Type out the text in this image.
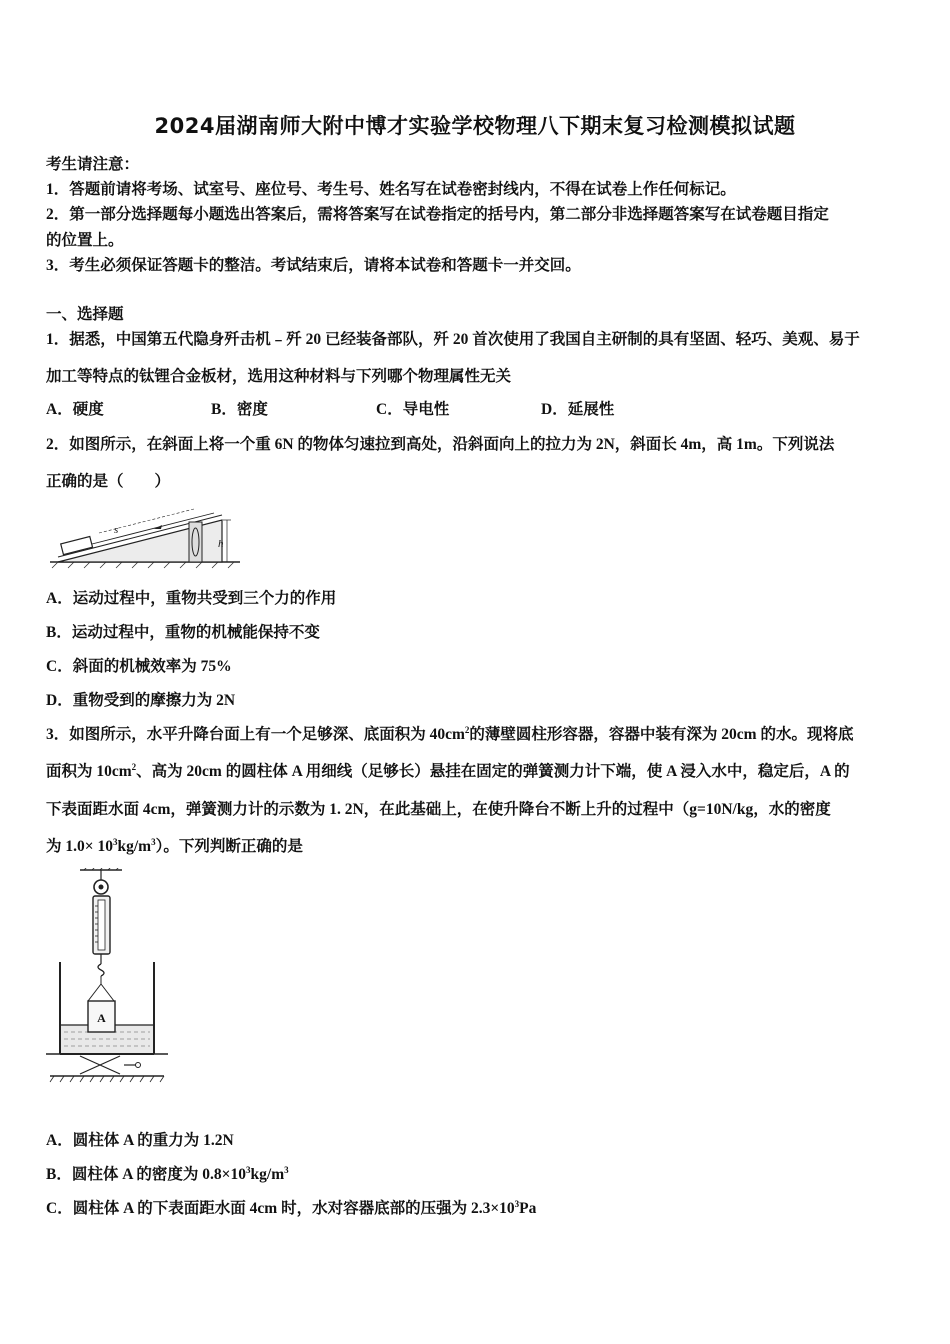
2024届湖南师大附中博才实验学校物理八下期末复习检测模拟试题
考生请注意：
1．答题前请将考场、试室号、座位号、考生号、姓名写在试卷密封线内，不得在试卷上作任何标记。
2．第一部分选择题每小题选出答案后，需将答案写在试卷指定的括号内，第二部分非选择题答案写在试卷题目指定
的位置上。
3．考生必须保证答题卡的整洁。考试结束后，请将本试卷和答题卡一并交回。
一、选择题
1．据悉，中国第五代隐身歼击机﹣歼 20 已经装备部队，歼 20 首次使用了我国自主研制的具有坚固、轻巧、美观、易于
加工等特点的钛锂合金板材，选用这种材料与下列哪个物理属性无关
A．硬度	B．密度	C．导电性	D．延展性
2．如图所示，在斜面上将一个重 6N 的物体匀速拉到高处，沿斜面向上的拉力为 2N，斜面长 4m，高 1m。下列说法
正确的是（　　）
s
h
A．运动过程中，重物共受到三个力的作用
B．运动过程中，重物的机械能保持不变
C．斜面的机械效率为 75%
D．重物受到的摩擦力为 2N
3．如图所示，水平升降台面上有一个足够深、底面积为 $40cm^2$的薄壁圆柱形容器，容器中装有深为 20cm 的水。现将底
面积为 $10cm^2$、高为 20cm 的圆柱体 A 用细线（足够长）悬挂在固定的弹簧测力计下端，使 A 浸入水中，稳定后，A 的
下表面距水面 4cm，弹簧测力计的示数为 1. 2N，在此基础上，在使升降台不断上升的过程中（g=10N/kg，水的密度
为 $1.0\times 10^3kg/m^3$）。下列判断正确的是
A
A．圆柱体 A 的重力为 1.2N
B．圆柱体 A 的密度为 $0.8\times 10^3kg/m^3$
C．圆柱体 A 的下表面距水面 4cm 时，水对容器底部的压强为 $2.3\times 10^3Pa$
